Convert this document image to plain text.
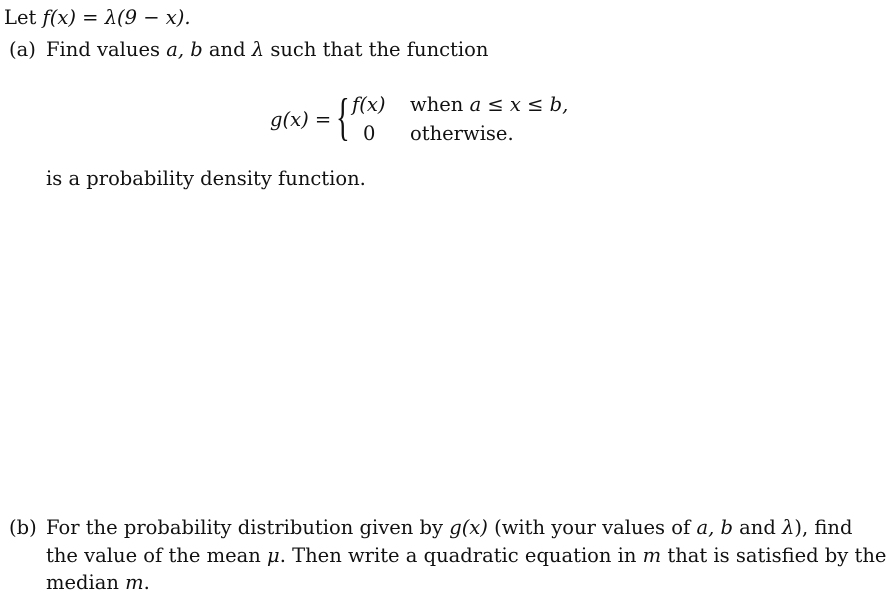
Let f(x) = λ(9 − x).
(a) Find values a, b and λ such that the function
g(x) = { f(x) when a ≤ x ≤ b,
0 otherwise.
is a probability density function.
(b) For the probability distribution given by g(x) (with your values of a, b and λ), find
the value of the mean μ. Then write a quadratic equation in m that is satisfied by the
median m.
